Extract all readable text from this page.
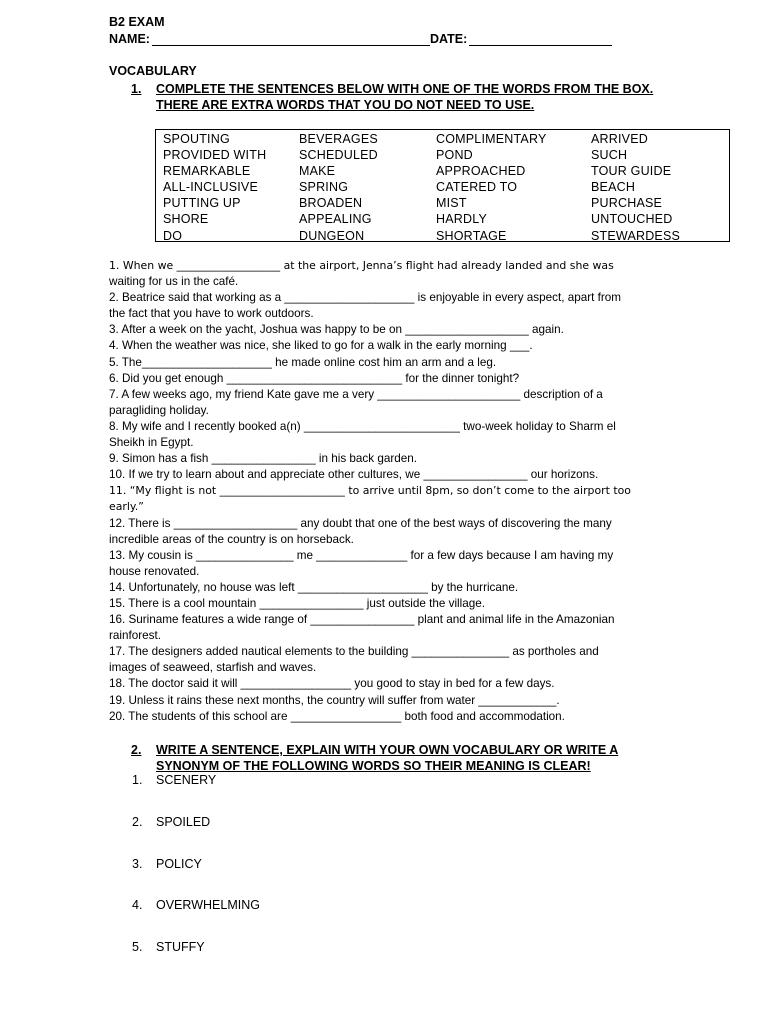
B2 EXAM
NAME:	DATE:
VOCABULARY
1. COMPLETE THE SENTENCES BELOW WITH ONE OF THE WORDS FROM THE BOX.
THERE ARE EXTRA WORDS THAT YOU DO NOT NEED TO USE.
SPOUTING	BEVERAGES	COMPLIMENTARY	ARRIVED
PROVIDED WITH	SCHEDULED	POND	SUCH
REMARKABLE	MAKE	APPROACHED	TOUR GUIDE
ALL-INCLUSIVE	SPRING	CATERED TO	BEACH
PUTTING UP	BROADEN	MIST	PURCHASE
SHORE	APPEALING	HARDLY	UNTOUCHED
DO	DUNGEON	SHORTAGE	STEWARDESS
1. When we ___________________ at the airport, Jenna’s flight had already landed and she was
waiting for us in the café.
2. Beatrice said that working as a ____________________ is enjoyable in every aspect, apart from
the fact that you have to work outdoors.
3. After a week on the yacht, Joshua was happy to be on ___________________ again.
4. When the weather was nice, she liked to go for a walk in the early morning ___.
5. The____________________ he made online cost him an arm and a leg.
6. Did you get enough ___________________________ for the dinner tonight?
7. A few weeks ago, my friend Kate gave me a very ______________________ description of a
paragliding holiday.
8. My wife and I recently booked a(n) ________________________ two-week holiday to Sharm el
Sheikh in Egypt.
9. Simon has a fish ________________ in his back garden.
10. If we try to learn about and appreciate other cultures, we ________________ our horizons.
11. “My flight is not _______________________ to arrive until 8pm, so don’t come to the airport too
early.”
12. There is ___________________ any doubt that one of the best ways of discovering the many
incredible areas of the country is on horseback.
13. My cousin is _______________ me ______________ for a few days because I am having my
house renovated.
14. Unfortunately, no house was left ____________________ by the hurricane.
15. There is a cool mountain ________________ just outside the village.
16. Suriname features a wide range of ________________ plant and animal life in the Amazonian
rainforest.
17. The designers added nautical elements to the building _______________ as portholes and
images of seaweed, starfish and waves.
18. The doctor said it will _________________ you good to stay in bed for a few days.
19. Unless it rains these next months, the country will suffer from water ____________.
20. The students of this school are _________________ both food and accommodation.
2. WRITE A SENTENCE, EXPLAIN WITH YOUR OWN VOCABULARY OR WRITE A
SYNONYM OF THE FOLLOWING WORDS SO THEIR MEANING IS CLEAR!
1. SCENERY
2. SPOILED
3. POLICY
4. OVERWHELMING
5. STUFFY
